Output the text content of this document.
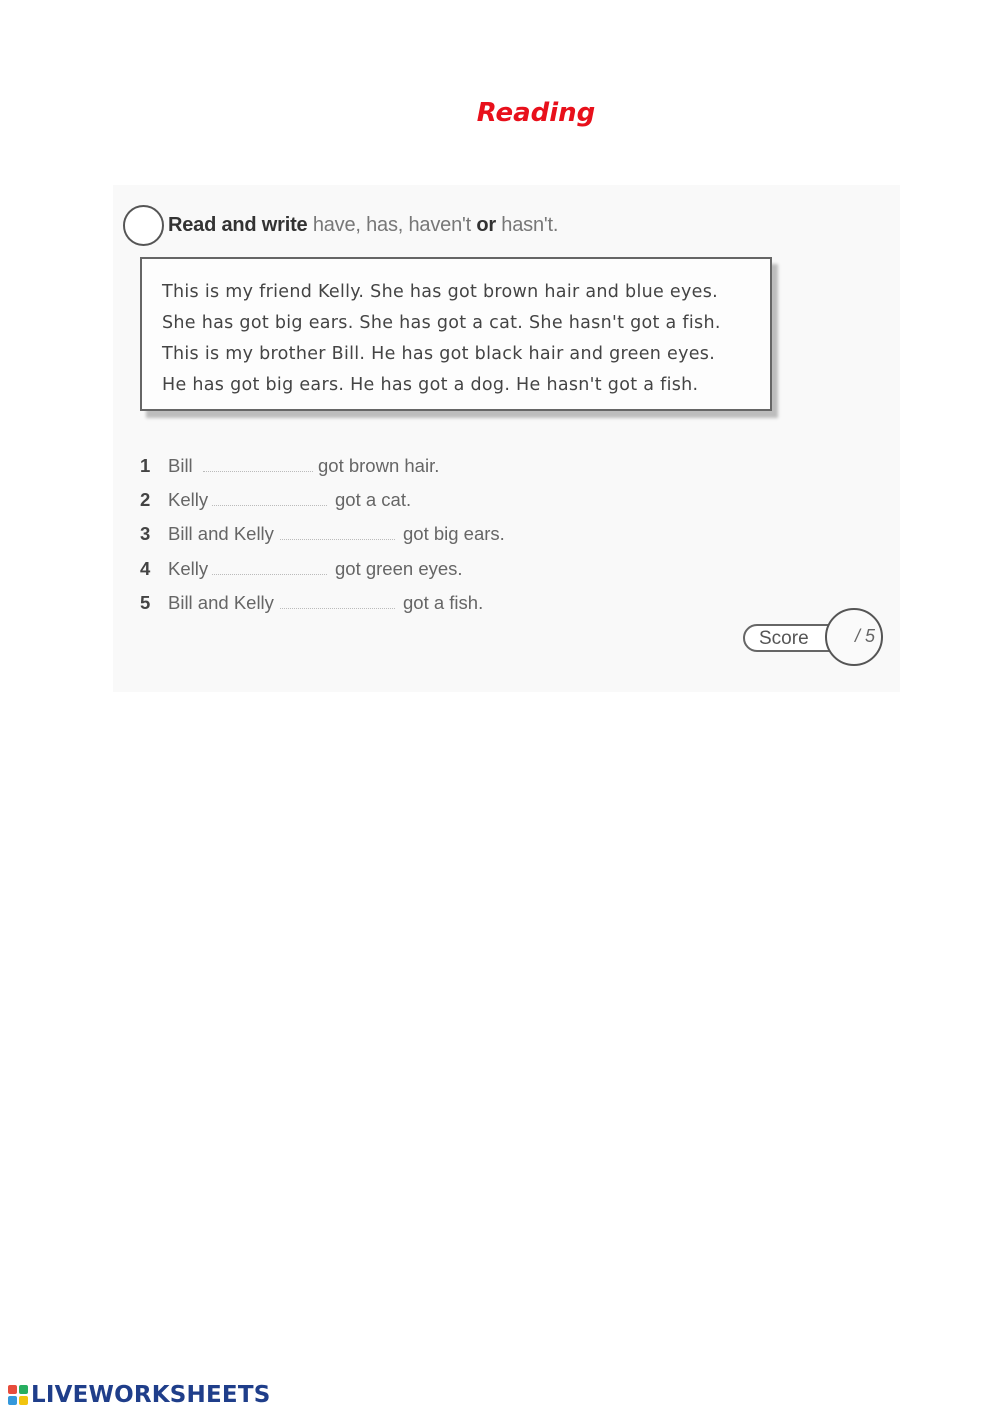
Reading
Read and write have, has, haven't or hasn't.
This is my friend Kelly. She has got brown hair and blue eyes.
She has got big ears. She has got a cat. She hasn't got a fish.
This is my brother Bill. He has got black hair and green eyes.
He has got big ears. He has got a dog. He hasn't got a fish.
1 Bill	got brown hair.
2 Kelly	got a cat.
3 Bill and Kelly	got big ears.
4 Kelly	got green eyes.
5 Bill and Kelly	got a fish.
Score	/ 5
LIVEWORKSHEETS
